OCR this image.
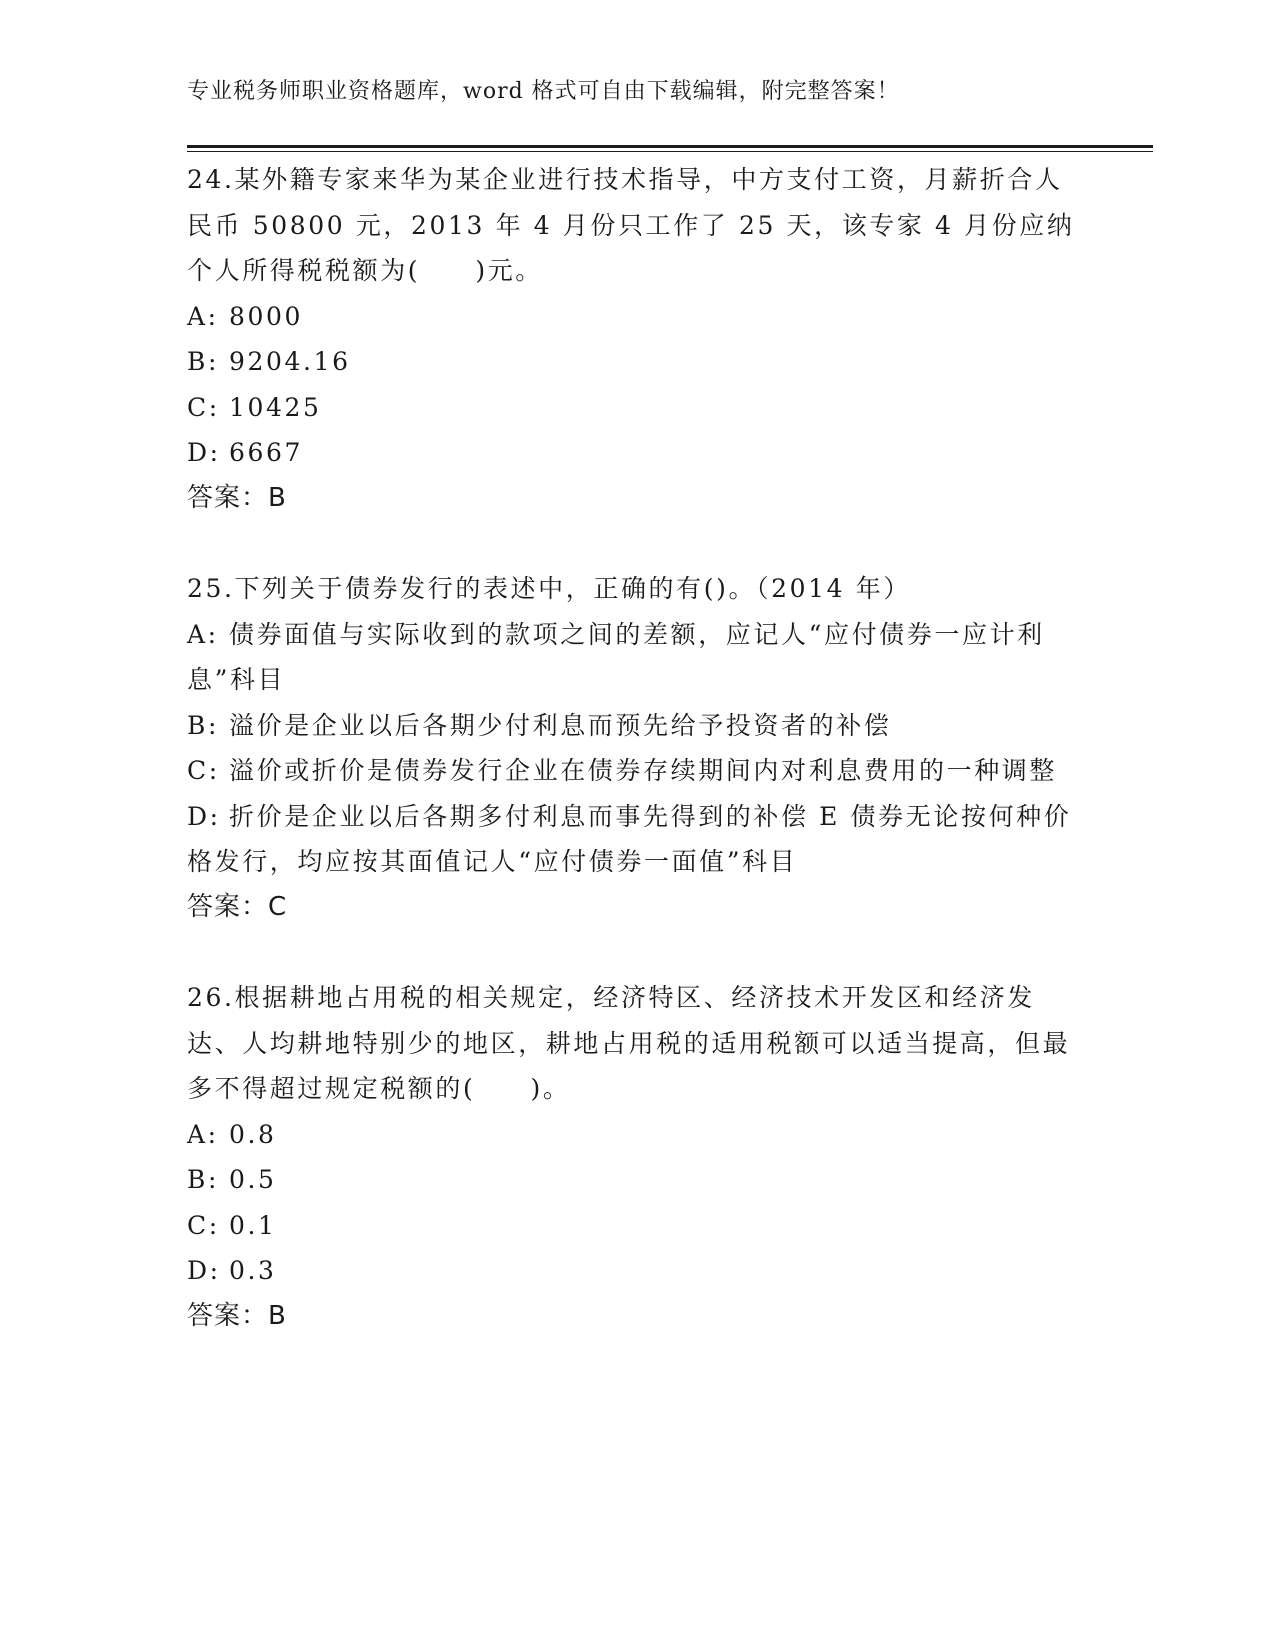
专业税务师职业资格题库，word 格式可自由下载编辑，附完整答案！

24.某外籍专家来华为某企业进行技术指导，中方支付工资，月薪折合人民币 50800 元，2013 年 4 月份只工作了 25 天，该专家 4 月份应纳个人所得税税额为(　　)元。

A: 8000

B: 9204.16

C: 10425

D: 6667

答案：B

25.下列关于债券发行的表述中，正确的有()。（2014 年）

A: 债券面值与实际收到的款项之间的差额，应记人“应付债券一应计利息”科目

B: 溢价是企业以后各期少付利息而预先给予投资者的补偿

C: 溢价或折价是债券发行企业在债券存续期间内对利息费用的一种调整

D: 折价是企业以后各期多付利息而事先得到的补偿 E 债券无论按何种价格发行，均应按其面值记人“应付债券一面值”科目

答案：C

26.根据耕地占用税的相关规定，经济特区、经济技术开发区和经济发达、人均耕地特别少的地区，耕地占用税的适用税额可以适当提高，但最多不得超过规定税额的(　　)。

A: 0.8

B: 0.5

C: 0.1

D: 0.3

答案：B
